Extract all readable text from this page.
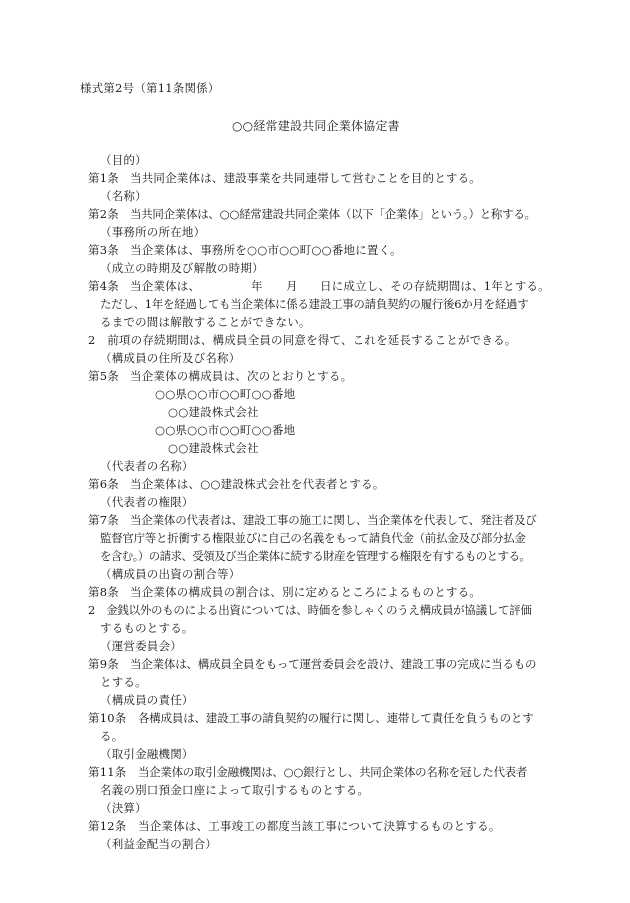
様式第2号（第11条関係）
○○経常建設共同企業体協定書
（目的）
第1条 当共同企業体は、建設事業を共同連帯して営むことを目的とする。
（名称）
第2条 当共同企業体は、○○経常建設共同企業体（以下「企業体」という。）と称する。
（事務所の所在地）
第3条 当企業体は、事務所を○○市○○町○○番地に置く。
（成立の時期及び解散の時期）
第4条 当企業体は、	年 月 日に成立し、その存続期間は、1年とする。
ただし、1年を経過しても当企業体に係る建設工事の請負契約の履行後6か月を経過す
るまでの間は解散することができない。
2　前項の存続期間は、構成員全員の同意を得て、これを延長することができる。
（構成員の住所及び名称）
第5条 当企業体の構成員は、次のとおりとする。
○○県○○市○○町○○番地
○○建設株式会社
○○県○○市○○町○○番地
○○建設株式会社
（代表者の名称）
第6条 当企業体は、○○建設株式会社を代表者とする。
（代表者の権限）
第7条 当企業体の代表者は、建設工事の施工に関し、当企業体を代表して、発注者及び
監督官庁等と折衝する権限並びに自己の名義をもって請負代金（前払金及び部分払金
を含む。）の請求、受領及び当企業体に続する財産を管理する権限を有するものとする。
（構成員の出資の割合等）
第8条 当企業体の構成員の割合は、別に定めるところによるものとする。
2　金銭以外のものによる出資については、時価を参しゃくのうえ構成員が協議して評価
するものとする。
（運営委員会）
第9条 当企業体は、構成員全員をもって運営委員会を設け、建設工事の完成に当るもの
とする。
（構成員の責任）
第10条 各構成員は、建設工事の請負契約の履行に関し、連帯して責任を負うものとす
る。
（取引金融機関）
第11条 当企業体の取引金融機関は、○○銀行とし、共同企業体の名称を冠した代表者
名義の別口預金口座によって取引するものとする。
（決算）
第12条 当企業体は、工事竣工の都度当該工事について決算するものとする。
（利益金配当の割合）
